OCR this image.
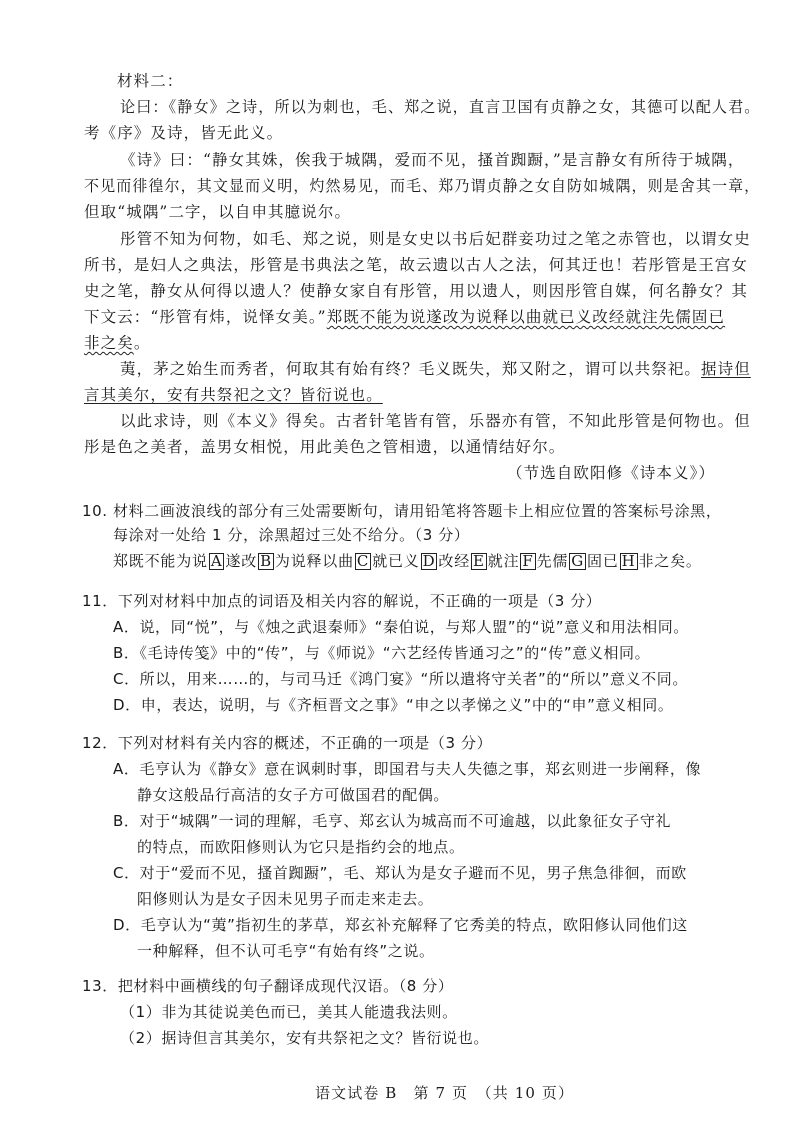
材料二：
论曰：《静女》之诗，所以为刺也，毛、郑之说，直言卫国有贞静之女，其德可以配人君。
考《序》及诗，皆无此义。
《诗》曰：“静女其姝，俟我于城隅，爱而不见，搔首踟蹰，”是言静女有所待于城隅，
不见而徘徨尔，其文显而义明，灼然易见，而毛、郑乃谓贞静之女自防如城隅，则是舍其一章，
但取“城隅”二字，以自申其臆说尔。
彤管不知为何物，如毛、郑之说，则是女史以书后妃群妾功过之笔之赤管也，以谓女史
所书，是妇人之典法，彤管是书典法之笔，故云遗以古人之法，何其迂也！若彤管是王宫女
史之笔，静女从何得以遗人？使静女家自有彤管，用以遗人，则因彤管自媒，何名静女？其
下文云：“彤管有炜，说怿女美。”郑既不能为说遂改为说释以曲就已义改经就注先儒固已
非之矣。
荑，茅之始生而秀者，何取其有始有终？毛义既失，郑又附之，谓可以共祭祀。据诗但
言其美尔，安有共祭祀之文？皆衍说也。
以此求诗，则《本义》得矣。古者针笔皆有管，乐器亦有管，不知此彤管是何物也。但
彤是色之美者，盖男女相悦，用此美色之管相遗，以通情结好尔。
（节选自欧阳修《诗本义》）
10. 材料二画波浪线的部分有三处需要断句，请用铅笔将答题卡上相应位置的答案标号涂黑，
每涂对一处给 1 分，涂黑超过三处不给分。（3 分）
郑既不能为说 A 遂改 B 为说释以曲 C 就已义 D 改经 E 就注 F 先儒 G 固已 H 非之矣。
11．下列对材料中加点的词语及相关内容的解说，不正确的一项是（3 分）
A．说，同“悦”，与《烛之武退秦师》“秦伯说，与郑人盟”的“说”意义和用法相同。
B．《毛诗传笺》中的“传”，与《师说》“六艺经传皆通习之”的“传”意义相同。
C．所以，用来……的，与司马迁《鸿门宴》“所以遣将守关者”的“所以”意义不同。
D．申，表达，说明，与《齐桓晋文之事》“申之以孝悌之义”中的“申”意义相同。
12．下列对材料有关内容的概述，不正确的一项是（3 分）
A．毛亨认为《静女》意在讽刺时事，即国君与夫人失德之事，郑玄则进一步阐释，像
静女这般品行高洁的女子方可做国君的配偶。
B．对于“城隅”一词的理解，毛亨、郑玄认为城高而不可逾越，以此象征女子守礼
的特点，而欧阳修则认为它只是指约会的地点。
C．对于“爱而不见，搔首踟蹰”，毛、郑认为是女子避而不见，男子焦急徘徊，而欧
阳修则认为是女子因未见男子而走来走去。
D．毛亨认为“荑”指初生的茅草，郑玄补充解释了它秀美的特点，欧阳修认同他们这
一种解释，但不认可毛亨“有始有终”之说。
13．把材料中画横线的句子翻译成现代汉语。（8 分）
（1）非为其徒说美色而已，美其人能遗我法则。
（2）据诗但言其美尔，安有共祭祀之文？皆衍说也。
语文试卷 B　第 7 页　（共 10 页）
